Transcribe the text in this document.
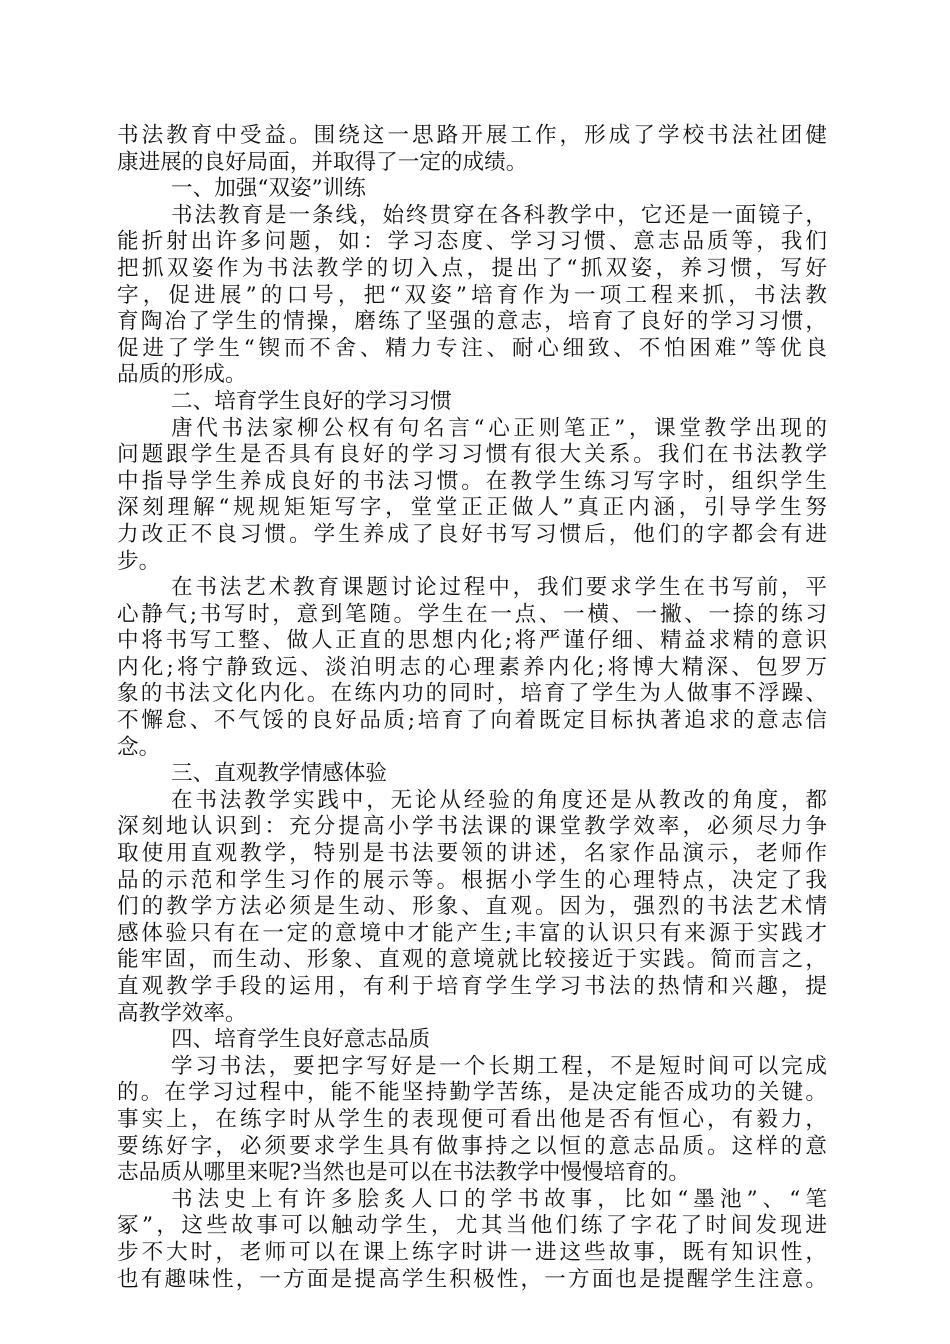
书法教育中受益。围绕这一思路开展工作，形成了学校书法社团健
康进展的良好局面，并取得了一定的成绩。
一、加强“双姿”训练
书法教育是一条线，始终贯穿在各科教学中，它还是一面镜子，
能折射出许多问题，如：学习态度、学习习惯、意志品质等，我们
把抓双姿作为书法教学的切入点，提出了“抓双姿，养习惯，写好
字，促进展”的口号，把“双姿”培育作为一项工程来抓，书法教
育陶冶了学生的情操，磨练了坚强的意志，培育了良好的学习习惯，
促进了学生“锲而不舍、精力专注、耐心细致、不怕困难”等优良
品质的形成。
二、培育学生良好的学习习惯
唐代书法家柳公权有句名言“心正则笔正”，课堂教学出现的
问题跟学生是否具有良好的学习习惯有很大关系。我们在书法教学
中指导学生养成良好的书法习惯。在教学生练习写字时，组织学生
深刻理解“规规矩矩写字，堂堂正正做人”真正内涵，引导学生努
力改正不良习惯。学生养成了良好书写习惯后，他们的字都会有进
步。
在书法艺术教育课题讨论过程中，我们要求学生在书写前，平
心静气;书写时，意到笔随。学生在一点、一横、一撇、一捺的练习
中将书写工整、做人正直的思想内化;将严谨仔细、精益求精的意识
内化;将宁静致远、淡泊明志的心理素养内化;将博大精深、包罗万
象的书法文化内化。在练内功的同时，培育了学生为人做事不浮躁、
不懈怠、不气馁的良好品质;培育了向着既定目标执著追求的意志信
念。
三、直观教学情感体验
在书法教学实践中，无论从经验的角度还是从教改的角度，都
深刻地认识到：充分提高小学书法课的课堂教学效率，必须尽力争
取使用直观教学，特别是书法要领的讲述，名家作品演示，老师作
品的示范和学生习作的展示等。根据小学生的心理特点，决定了我
们的教学方法必须是生动、形象、直观。因为，强烈的书法艺术情
感体验只有在一定的意境中才能产生;丰富的认识只有来源于实践才
能牢固，而生动、形象、直观的意境就比较接近于实践。简而言之，
直观教学手段的运用，有利于培育学生学习书法的热情和兴趣，提
高教学效率。
四、培育学生良好意志品质
学习书法，要把字写好是一个长期工程，不是短时间可以完成
的。在学习过程中，能不能坚持勤学苦练，是决定能否成功的关键。
事实上，在练字时从学生的表现便可看出他是否有恒心，有毅力，
要练好字，必须要求学生具有做事持之以恒的意志品质。这样的意
志品质从哪里来呢?当然也是可以在书法教学中慢慢培育的。
书法史上有许多脍炙人口的学书故事，比如“墨池”、“笔
冢”，这些故事可以触动学生，尤其当他们练了字花了时间发现进
步不大时，老师可以在课上练字时讲一进这些故事，既有知识性，
也有趣味性，一方面是提高学生积极性，一方面也是提醒学生注意。
